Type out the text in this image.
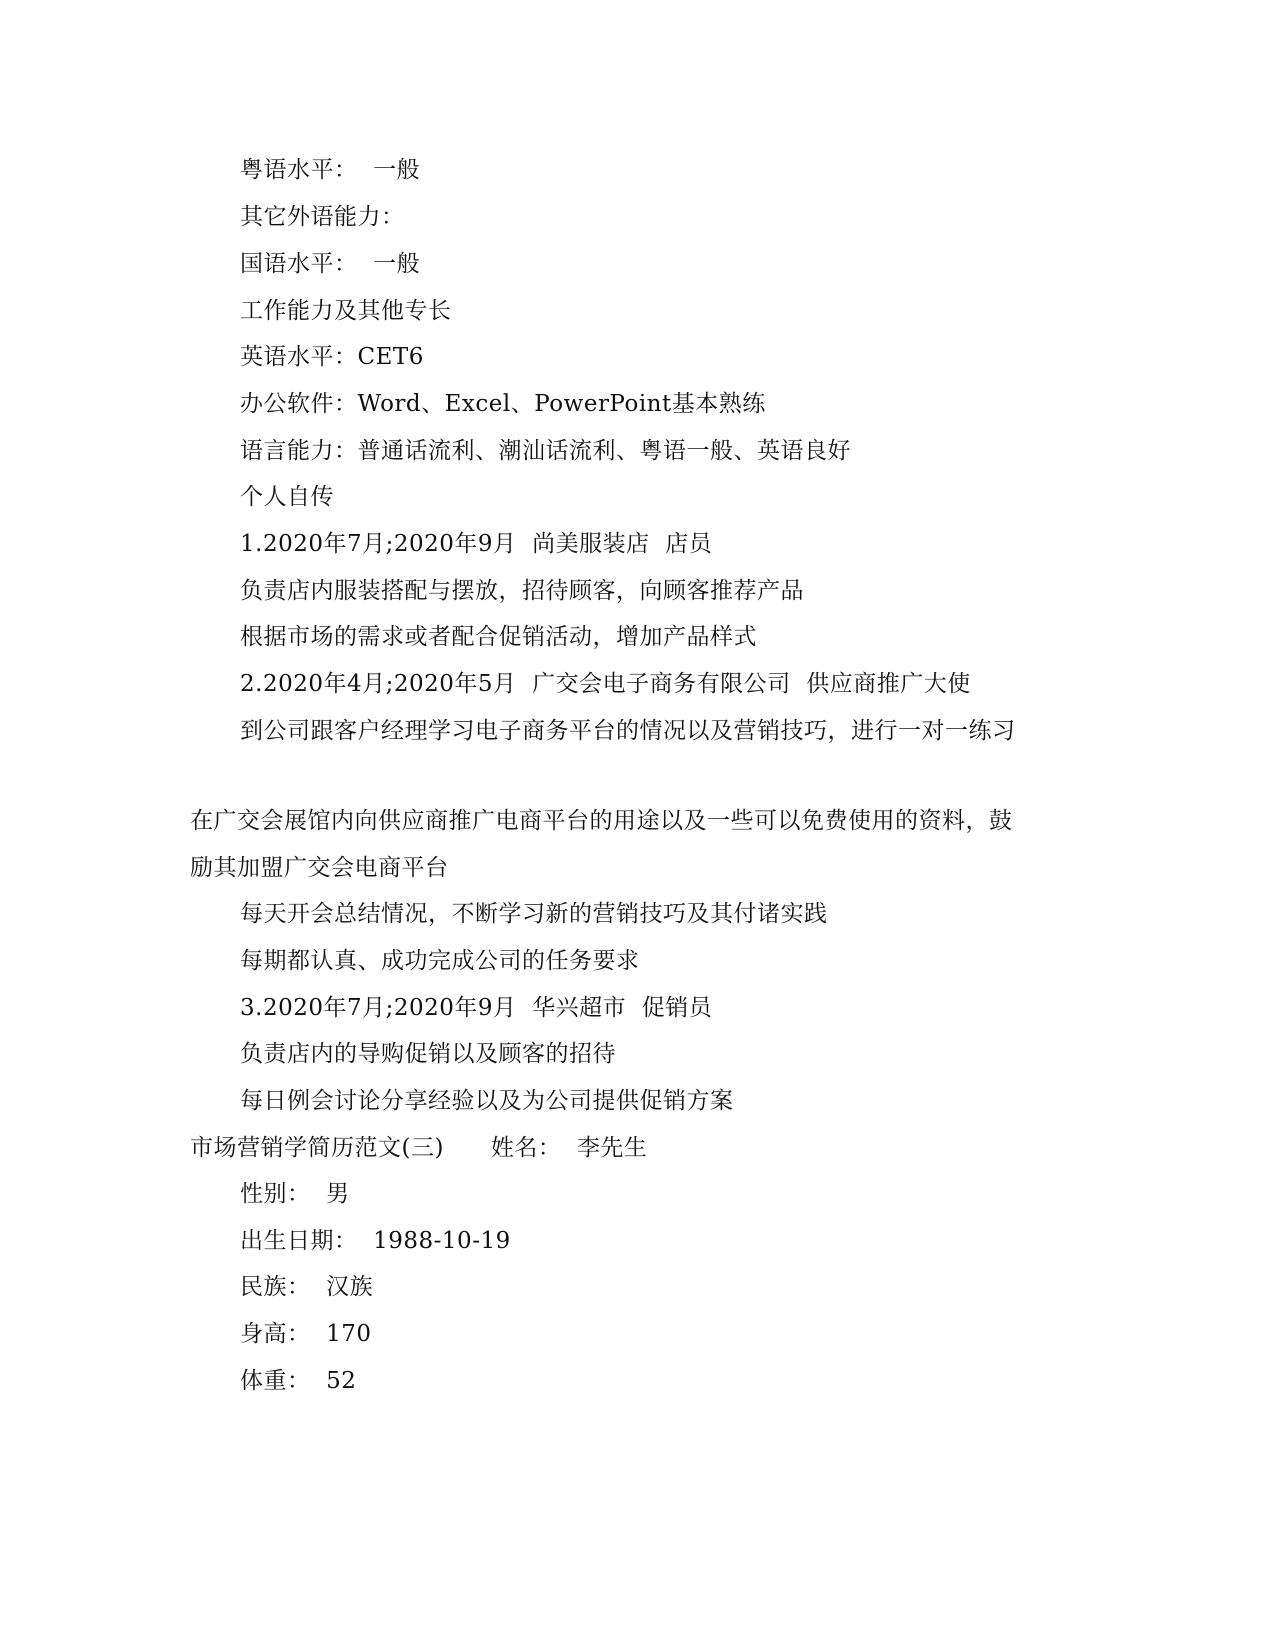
粤语水平：  一般
其它外语能力：
国语水平：  一般
工作能力及其他专长
英语水平：CET6
办公软件：Word、Excel、PowerPoint基本熟练
语言能力：普通话流利、潮汕话流利、粤语一般、英语良好
个人自传
1.2020年7月;2020年9月  尚美服装店  店员
负责店内服装搭配与摆放，招待顾客，向顾客推荐产品
根据市场的需求或者配合促销活动，增加产品样式
2.2020年4月;2020年5月  广交会电子商务有限公司  供应商推广大使
到公司跟客户经理学习电子商务平台的情况以及营销技巧，进行一对一练习
在广交会展馆内向供应商推广电商平台的用途以及一些可以免费使用的资料，鼓
励其加盟广交会电商平台
每天开会总结情况，不断学习新的营销技巧及其付诸实践
每期都认真、成功完成公司的任务要求
3.2020年7月;2020年9月  华兴超市  促销员
负责店内的导购促销以及顾客的招待
每日例会讨论分享经验以及为公司提供促销方案
市场营销学简历范文(三)      姓名：  李先生
性别：  男
出生日期：  1988-10-19
民族：  汉族
身高：  170
体重：  52
